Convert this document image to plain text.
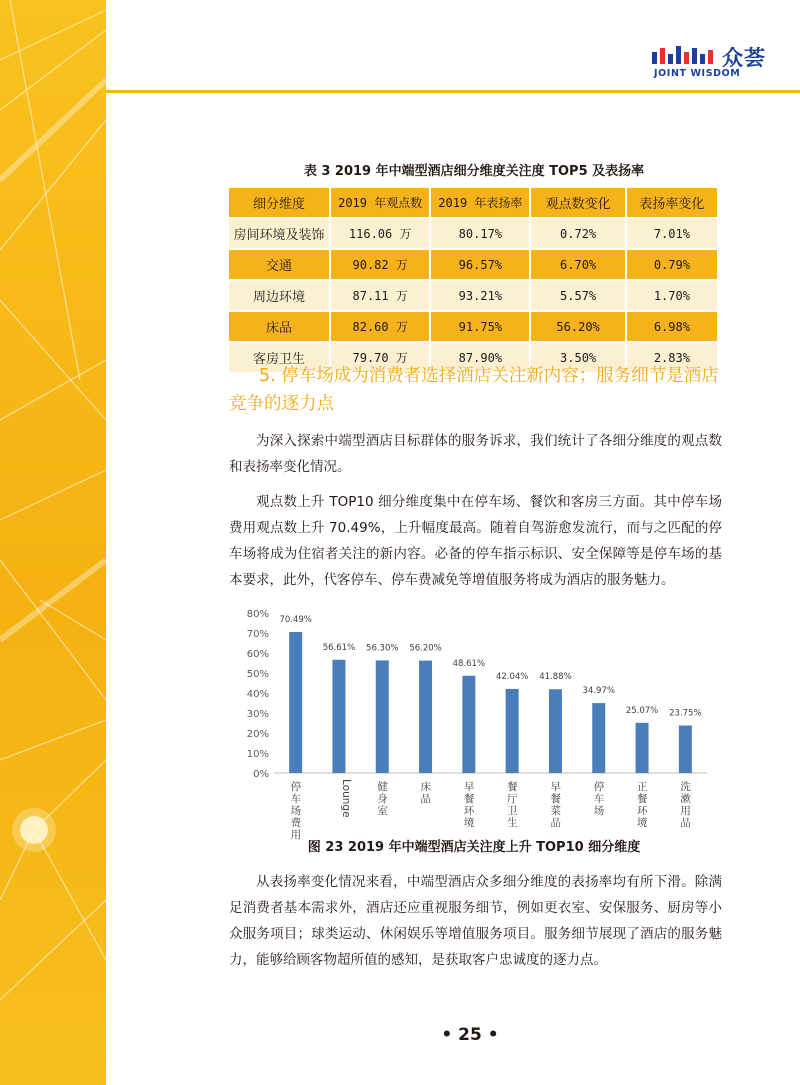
众荟
JOINT WISDOM
表 3 2019 年中端型酒店细分维度关注度 TOP5 及表扬率
细分维度	2019 年观点数	2019 年表扬率	观点数变化	表扬率变化
房间环境及装饰	116.06 万	80.17%	0.72%	7.01%
交通	90.82 万	96.57%	6.70%	0.79%
周边环境	87.11 万	93.21%	5.57%	1.70%
床品	82.60 万	91.75%	56.20%	6.98%
客房卫生	79.70 万	87.90%	3.50%	2.83%
5. 停车场成为消费者选择酒店关注新内容；服务细节是酒店竞争的逐力点
为深入探索中端型酒店目标群体的服务诉求，我们统计了各细分维度的观点数和表扬率变化情况。
观点数上升 TOP10 细分维度集中在停车场、餐饮和客房三方面。其中停车场费用观点数上升 70.49%，上升幅度最高。随着自驾游愈发流行，而与之匹配的停车场将成为住宿者关注的新内容。必备的停车指示标识、安全保障等是停车场的基本要求，此外，代客停车、停车费减免等增值服务将成为酒店的服务魅力。
0%
10%
20%
30%
40%
50%
60%
70%
80%
70.49%
停车场费用
56.61%
Lounge
56.30%
健身室
56.20%
床品
48.61%
早餐环境
42.04%
餐厅卫生
41.88%
早餐菜品
34.97%
停车场
25.07%
正餐环境
23.75%
洗漱用品
图 23 2019 年中端型酒店关注度上升 TOP10 细分维度
从表扬率变化情况来看，中端型酒店众多细分维度的表扬率均有所下滑。除满足消费者基本需求外，酒店还应重视服务细节，例如更衣室、安保服务、厨房等小众服务项目；球类运动、休闲娱乐等增值服务项目。服务细节展现了酒店的服务魅力，能够给顾客物超所值的感知，是获取客户忠诚度的逐力点。
• 25 •
